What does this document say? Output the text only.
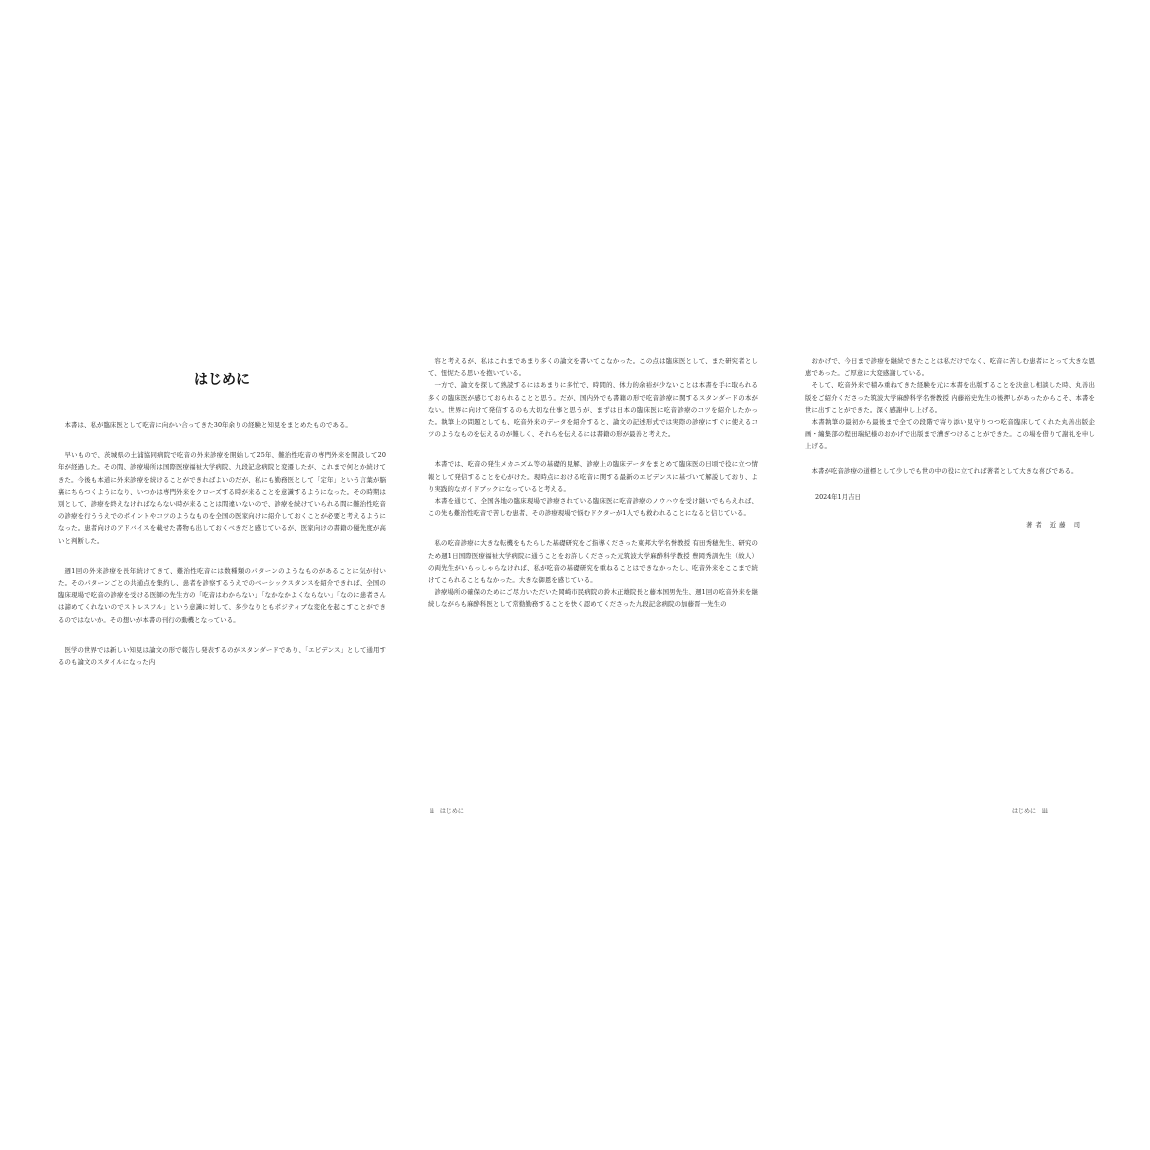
はじめに

本書は、私が臨床医として吃音に向かい合ってきた30年余りの経験と知見をまとめたものである。

早いもので、茨城県の土浦協同病院で吃音の外来診療を開始して25年、難治性吃音の専門外来を開設して20年が経過した。その間、診療場所は国際医療福祉大学病院、九段記念病院と変遷したが、これまで何とか続けてきた。今後も本道に外来診療を続けることができればよいのだが、私にも勤務医として「定年」という言葉が脳裏にちらつくようになり、いつかは専門外来をクローズする時が来ることを意識するようになった。その時期は別として、診療を終えなければならない時が来ることは間違いないので、診療を続けていられる間に難治性吃音の診療を行ううえでのポイントやコツのようなものを全国の医家向けに紹介しておくことが必要と考えるようになった。患者向けのアドバイスを載せた書物も出しておくべきだと感じているが、医家向けの書籍の優先度が高いと判断した。

週1回の外来診療を長年続けてきて、難治性吃音には数種類のパターンのようなものがあることに気が付いた。そのパターンごとの共通点を集約し、患者を診察するうえでのベーシックスタンスを紹介できれば、全国の臨床現場で吃音の診療を受ける医師の先生方の「吃音はわからない」「なかなかよくならない」「なのに患者さんは諦めてくれないのでストレスフル」という意識に対して、多少なりともポジティブな変化を起こすことができるのではないか。その想いが本書の刊行の動機となっている。

医学の世界では新しい知見は論文の形で報告し発表するのがスタンダードであり、「エビデンス」として通用するのも論文のスタイルになった内

容と考えるが、私はこれまであまり多くの論文を書いてこなかった。この点は臨床医として、また研究者として、忸怩たる思いを抱いている。

一方で、論文を探して熟読するにはあまりに多忙で、時間的、体力的余裕が少ないことは本書を手に取られる多くの臨床医が感じておられることと思う。だが、国内外でも書籍の形で吃音診療に関するスタンダードの本がない。世界に向けて発信するのも大切な仕事と思うが、まずは日本の臨床医に吃音診療のコツを紹介したかった。執筆上の問題としても、吃音外来のデータを紹介すると、論文の記述形式では実際の診療にすぐに使えるコツのようなものを伝えるのが難しく、それらを伝えるには書籍の形が最善と考えた。

本書では、吃音の発生メカニズム等の基礎的見解、診療上の臨床データをまとめて臨床医の日頃で役に立つ情報として発信することを心がけた。現時点における吃音に関する最新のエビデンスに基づいて解説しており、より実践的なガイドブックになっていると考える。

本書を通じて、全国各地の臨床現場で診療されている臨床医に吃音診療のノウハウを受け継いでもらえれば、この先も難治性吃音で苦しむ患者、その診療現場で悩むドクターが1人でも救われることになると信じている。

私の吃音診療に大きな転機をもたらした基礎研究をご指導くださった東邦大学名誉教授 有田秀穂先生、研究のため週1日国際医療福祉大学病院に通うことをお許しくださった元筑波大学麻酔科学教授 豊岡秀訓先生（故人）の両先生がいらっしゃらなければ、私が吃音の基礎研究を重ねることはできなかったし、吃音外来をここまで続けてこられることもなかった。大きな御恩を感じている。

診療場所の確保のためにご尽力いただいた岡崎市民病院の鈴木正雄院長と藤本国男先生、週1回の吃音外来を継続しながらも麻酔科医として常勤勤務することを快く認めてくださった九段記念病院の加藤晋一先生の

おかげで、今日まで診療を継続できたことは私だけでなく、吃音に苦しむ患者にとって大きな恩恵であった。ご厚意に大変感謝している。

そして、吃音外来で積み重ねてきた経験を元に本書を出版することを決意し相談した時、丸善出版をご紹介くださった筑波大学麻酔科学名誉教授 内藤裕史先生の後押しがあったからこそ、本書を世に出すことができた。深く感謝申し上げる。

本書執筆の最初から最後まで全ての段階で寄り添い見守りつつ吃音臨床してくれた丸善出版企画・編集部の程田瑞紀様のおかげで出版まで漕ぎつけることができた。この場を借りて謝礼を申し上げる。

本書が吃音診療の道標として少しでも世の中の役に立てれば著者として大きな喜びである。

2024年1月吉日
著者 近藤 司
ii　はじめに	はじめに　iii
